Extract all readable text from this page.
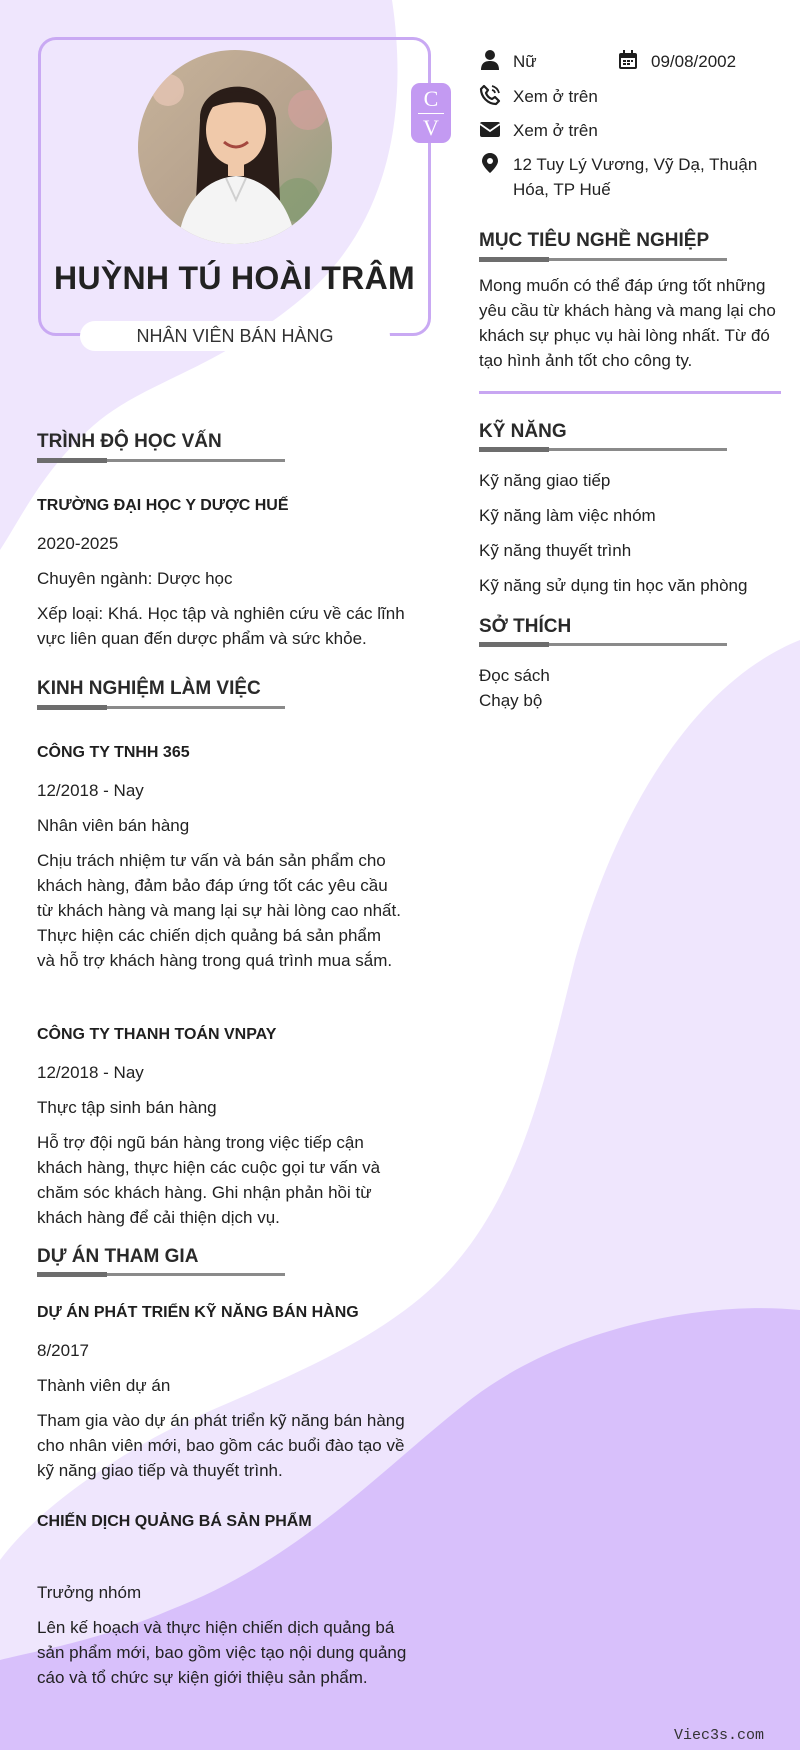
C
V
HUỲNH TÚ HOÀI TRÂM
NHÂN VIÊN BÁN HÀNG
Nữ	09/08/2002
Xem ở trên
Xem ở trên
12 Tuy Lý Vương, Vỹ Dạ, Thuận Hóa, TP Huế
MỤC TIÊU NGHỀ NGHIỆP
Mong muốn có thể đáp ứng tốt những yêu cầu từ khách hàng và mang lại cho khách sự phục vụ hài lòng nhất. Từ đó tạo hình ảnh tốt cho công ty.
KỸ NĂNG
Kỹ năng giao tiếp
Kỹ năng làm việc nhóm
Kỹ năng thuyết trình
Kỹ năng sử dụng tin học văn phòng
SỞ THÍCH
Đọc sách
Chạy bộ
TRÌNH ĐỘ HỌC VẤN
TRƯỜNG ĐẠI HỌC Y DƯỢC HUẾ
2020-2025
Chuyên ngành: Dược học
Xếp loại: Khá. Học tập và nghiên cứu về các lĩnh vực liên quan đến dược phẩm và sức khỏe.
KINH NGHIỆM LÀM VIỆC
CÔNG TY TNHH 365
12/2018 - Nay
Nhân viên bán hàng
Chịu trách nhiệm tư vấn và bán sản phẩm cho khách hàng, đảm bảo đáp ứng tốt các yêu cầu từ khách hàng và mang lại sự hài lòng cao nhất. Thực hiện các chiến dịch quảng bá sản phẩm và hỗ trợ khách hàng trong quá trình mua sắm.
CÔNG TY THANH TOÁN VNPAY
12/2018 - Nay
Thực tập sinh bán hàng
Hỗ trợ đội ngũ bán hàng trong việc tiếp cận khách hàng, thực hiện các cuộc gọi tư vấn và chăm sóc khách hàng. Ghi nhận phản hồi từ khách hàng để cải thiện dịch vụ.
DỰ ÁN THAM GIA
DỰ ÁN PHÁT TRIỂN KỸ NĂNG BÁN HÀNG
8/2017
Thành viên dự án
Tham gia vào dự án phát triển kỹ năng bán hàng cho nhân viên mới, bao gồm các buổi đào tạo về kỹ năng giao tiếp và thuyết trình.
CHIẾN DỊCH QUẢNG BÁ SẢN PHẨM
Trưởng nhóm
Lên kế hoạch và thực hiện chiến dịch quảng bá sản phẩm mới, bao gồm việc tạo nội dung quảng cáo và tổ chức sự kiện giới thiệu sản phẩm.
Viec3s.com
